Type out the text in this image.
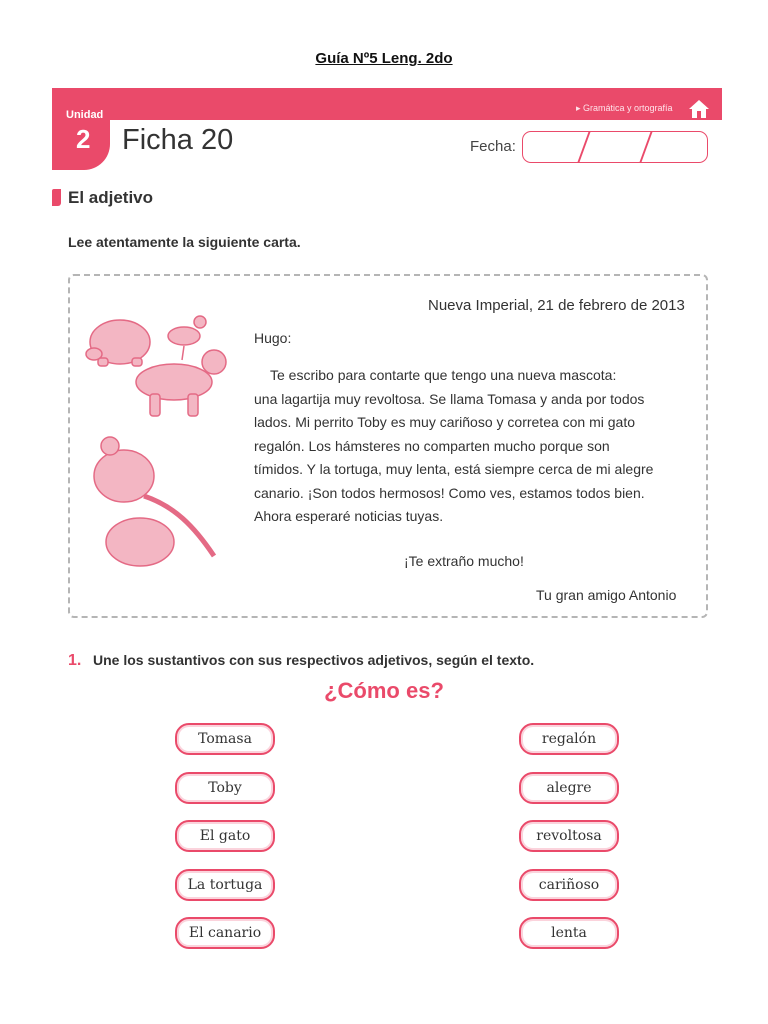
Guía Nº5 Leng. 2do
Unidad
2
▸ Gramática y ortografía
Ficha 20	Fecha:
El adjetivo
Lee atentamente la siguiente carta.
Nueva Imperial, 21 de febrero de 2013
Hugo:
Te escribo para contarte que tengo una nueva mascota:
una lagartija muy revoltosa. Se llama Tomasa y anda por todos
lados. Mi perrito Toby es muy cariñoso y corretea con mi gato
regalón. Los hámsteres no comparten mucho porque son
tímidos. Y la tortuga, muy lenta, está siempre cerca de mi alegre
canario. ¡Son todos hermosos! Como ves, estamos todos bien.
Ahora esperaré noticias tuyas.
¡Te extraño mucho!
Tu gran amigo Antonio
1. Une los sustantivos con sus respectivos adjetivos, según el texto.
¿Cómo es?
Tomasa
Toby
El gato
La tortuga
El canario
regalón
alegre
revoltosa
cariñoso
lenta
